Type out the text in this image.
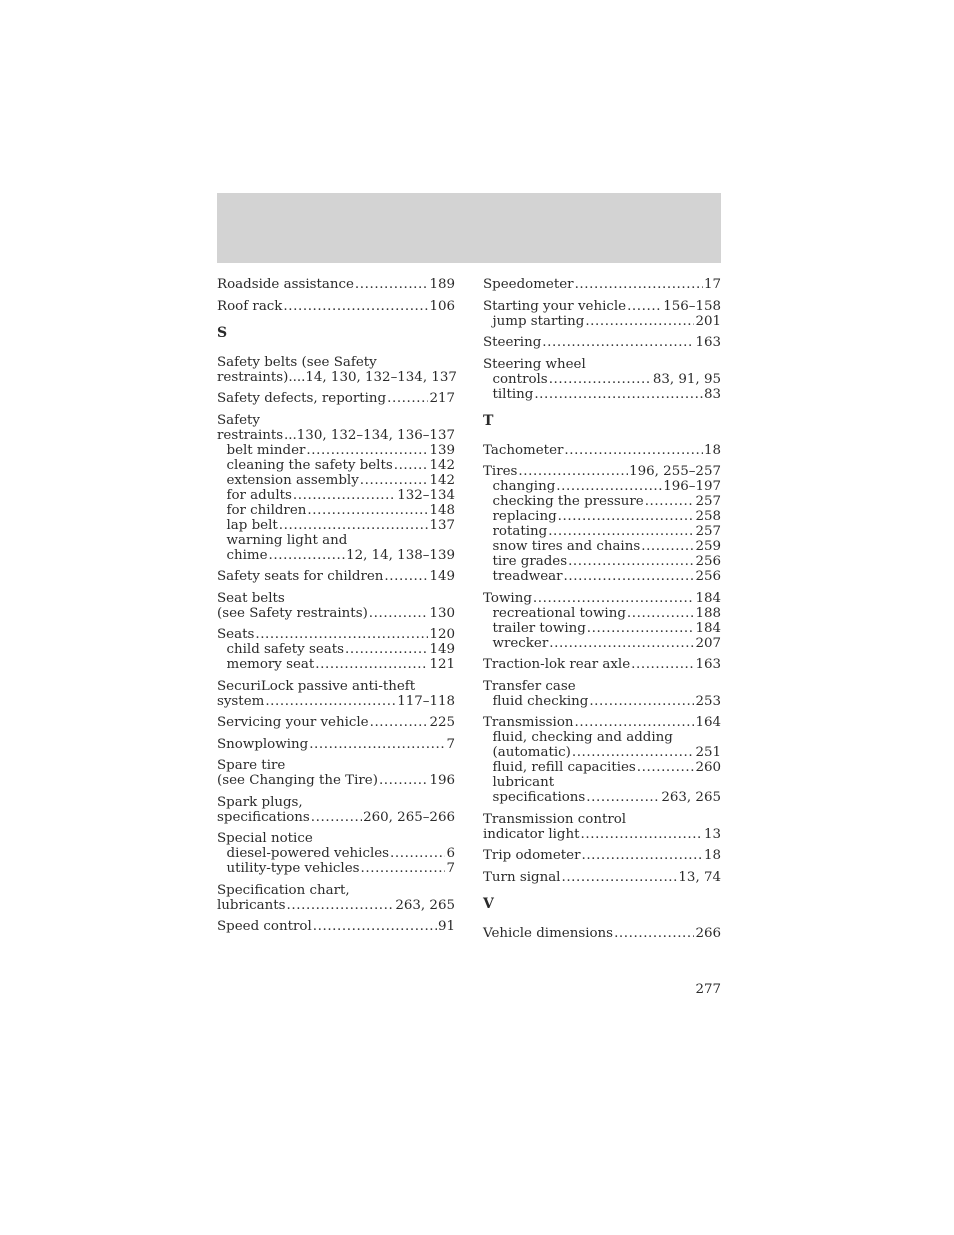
Roadside assistance .....	189
Roof rack .....	106
S
Safety belts (see Safety
restraints) ....14, 130, 132–134, 137
Safety defects, reporting .....	217
Safety
restraints ...130, 132–134, 136–137
belt minder .....	139
cleaning the safety belts .....	142
extension assembly .....	142
for adults .....	132–134
for children .....	148
lap belt .....	137
warning light and
chime .....	12, 14, 138–139
Safety seats for children .....	149
Seat belts
(see Safety restraints) .....	130
Seats .....	120
child safety seats .....	149
memory seat .....	121
SecuriLock passive anti-theft
system .....	117–118
Servicing your vehicle .....	225
Snowplowing .....	7
Spare tire
(see Changing the Tire) .....	196
Spark plugs,
specifications .....	260, 265–266
Special notice
diesel-powered vehicles .....	6
utility-type vehicles .....	7
Specification chart,
lubricants .....	263, 265
Speed control .....	91
Speedometer .....	17
Starting your vehicle .....	156–158
jump starting .....	201
Steering .....	163
Steering wheel
controls .....	83, 91, 95
tilting .....	83
T
Tachometer .....	18
Tires .....	196, 255–257
changing .....	196–197
checking the pressure .....	257
replacing .....	258
rotating .....	257
snow tires and chains .....	259
tire grades .....	256
treadwear .....	256
Towing .....	184
recreational towing .....	188
trailer towing .....	184
wrecker .....	207
Traction-lok rear axle .....	163
Transfer case
fluid checking .....	253
Transmission .....	164
fluid, checking and adding
(automatic) .....	251
fluid, refill capacities .....	260
lubricant
specifications .....	263, 265
Transmission control
indicator light .....	13
Trip odometer .....	18
Turn signal .....	13, 74
V
Vehicle dimensions .....	266
277
